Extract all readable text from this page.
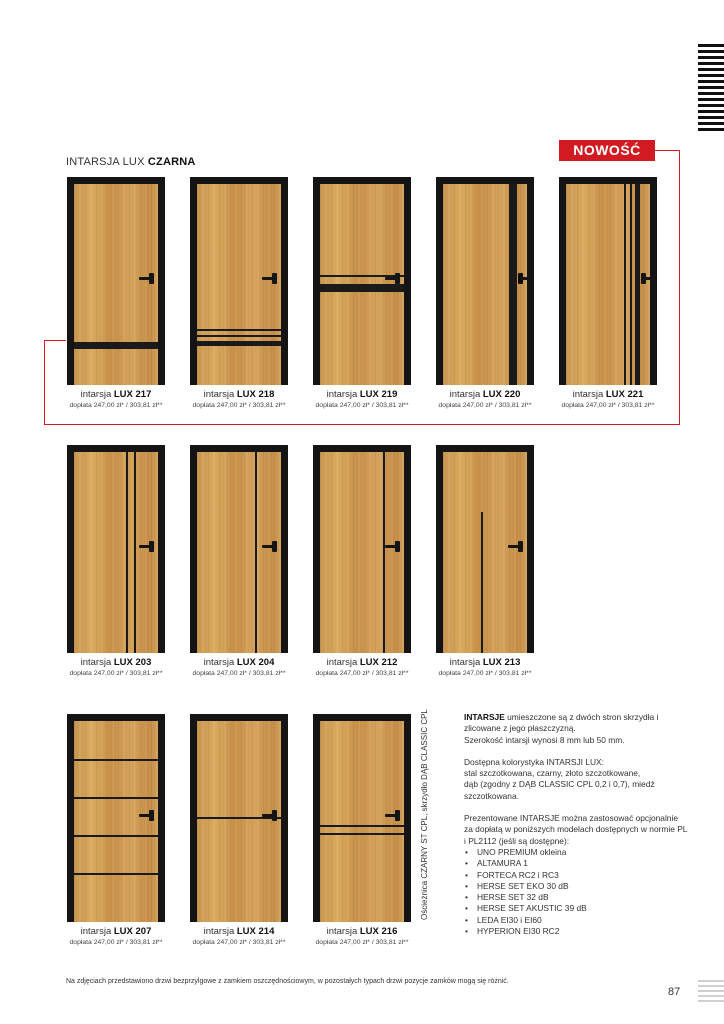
INTARSJA LUX CZARNA
NOWOŚĆ
intarsja LUX 217
dopłata 247,00 zł* / 303,81 zł**
intarsja LUX 218
dopłata 247,00 zł* / 303,81 zł**
intarsja LUX 219
dopłata 247,00 zł* / 303,81 zł**
intarsja LUX 220
dopłata 247,00 zł* / 303,81 zł**
intarsja LUX 221
dopłata 247,00 zł* / 303,81 zł**
intarsja LUX 203
dopłata 247,00 zł* / 303,81 zł**
intarsja LUX 204
dopłata 247,00 zł* / 303,81 zł**
intarsja LUX 212
dopłata 247,00 zł* / 303,81 zł**
intarsja LUX 213
dopłata 247,00 zł* / 303,81 zł**
intarsja LUX 207
dopłata 247,00 zł* / 303,81 zł**
intarsja LUX 214
dopłata 247,00 zł* / 303,81 zł**
intarsja LUX 216
dopłata 247,00 zł* / 303,81 zł**
Ościeżnica CZARNY ST CPL, skrzydło DĄB CLASSIC CPL	INTARSJE umieszczone są z dwóch stron skrzydła i zlicowane z jego płaszczyzną.

Szerokość intarsji wynosi 8 mm lub 50 mm.

Dostępna kolorystyka INTARSJI LUX:

stal szczotkowana, czarny, złoto szczotkowane,

dąb (zgodny z DĄB CLASSIC CPL 0,2 i 0,7), miedź szczotkowana.

Prezentowane INTARSJE można zastosować opcjonalnie za dopłatą w poniższych modelach dostępnych w normie PL i PL2112 (jeśli są dostępne):

• UNO PREMIUM okleina
• ALTAMURA 1
• FORTECA RC2 i RC3
• HERSE SET EKO 30 dB
• HERSE SET 32 dB
• HERSE SET AKUSTIC 39 dB
• LEDA EI30 i EI60
• HYPERION EI30 RC2
Na zdjęciach przedstawiono drzwi bezprzylgowe z zamkiem oszczędnościowym, w pozostałych typach drzwi pozycje zamków mogą się różnić.
87
